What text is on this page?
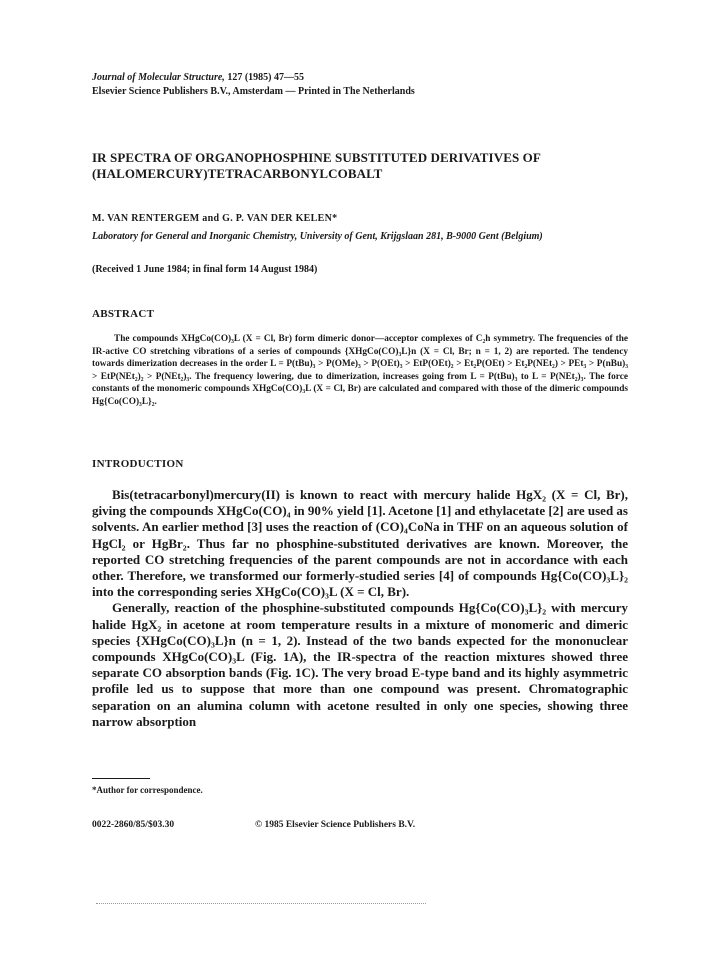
Journal of Molecular Structure, 127 (1985) 47—55
Elsevier Science Publishers B.V., Amsterdam — Printed in The Netherlands
IR SPECTRA OF ORGANOPHOSPHINE SUBSTITUTED DERIVATIVES OF (HALOMERCURY)TETRACARBONYLCOBALT
M. VAN RENTERGEM and G. P. VAN DER KELEN*
Laboratory for General and Inorganic Chemistry, University of Gent, Krijgslaan 281, B-9000 Gent (Belgium)
(Received 1 June 1984; in final form 14 August 1984)
ABSTRACT

The compounds XHgCo(CO)₃L (X = Cl, Br) form dimeric donor—acceptor complexes of C₂h symmetry. The frequencies of the IR-active CO stretching vibrations of a series of compounds {XHgCo(CO)₃L}n (X = Cl, Br; n = 1, 2) are reported. The tendency towards dimerization decreases in the order L = P(tBu)₃ > P(OMe)₃ > P(OEt)₃ > EtP(OEt)₂ > Et₂P(OEt) > Et₂P(NEt₂) > PEt₃ > P(nBu)₃ > EtP(NEt₂)₂ > P(NEt₂)₃. The frequency lowering, due to dimerization, increases going from L = P(tBu)₃ to L = P(NEt₂)₃. The force constants of the monomeric compounds XHgCo(CO)₃L (X = Cl, Br) are calculated and compared with those of the dimeric compounds Hg{Co(CO)₃L}₂.

INTRODUCTION

Bis(tetracarbonyl)mercury(II) is known to react with mercury halide HgX₂ (X = Cl, Br), giving the compounds XHgCo(CO)₄ in 90% yield [1]. Acetone [1] and ethylacetate [2] are used as solvents. An earlier method [3] uses the reaction of (CO)₄CoNa in THF on an aqueous solution of HgCl₂ or HgBr₂. Thus far no phosphine-substituted derivatives are known. Moreover, the reported CO stretching frequencies of the parent compounds are not in accordance with each other. Therefore, we transformed our formerly-studied series [4] of compounds Hg{Co(CO)₃L}₂ into the corresponding series XHgCo(CO)₃L (X = Cl, Br).

Generally, reaction of the phosphine-substituted compounds Hg{Co(CO)₃L}₂ with mercury halide HgX₂ in acetone at room temperature results in a mixture of monomeric and dimeric species {XHgCo(CO)₃L}n (n = 1, 2). Instead of the two bands expected for the mononuclear compounds XHgCo(CO)₃L (Fig. 1A), the IR-spectra of the reaction mixtures showed three separate CO absorption bands (Fig. 1C). The very broad E-type band and its highly asymmetric profile led us to suppose that more than one compound was present. Chromatographic separation on an alumina column with acetone resulted in only one species, showing three narrow absorption

*Author for correspondence.
0022-2860/85/$03.30	© 1985 Elsevier Science Publishers B.V.
